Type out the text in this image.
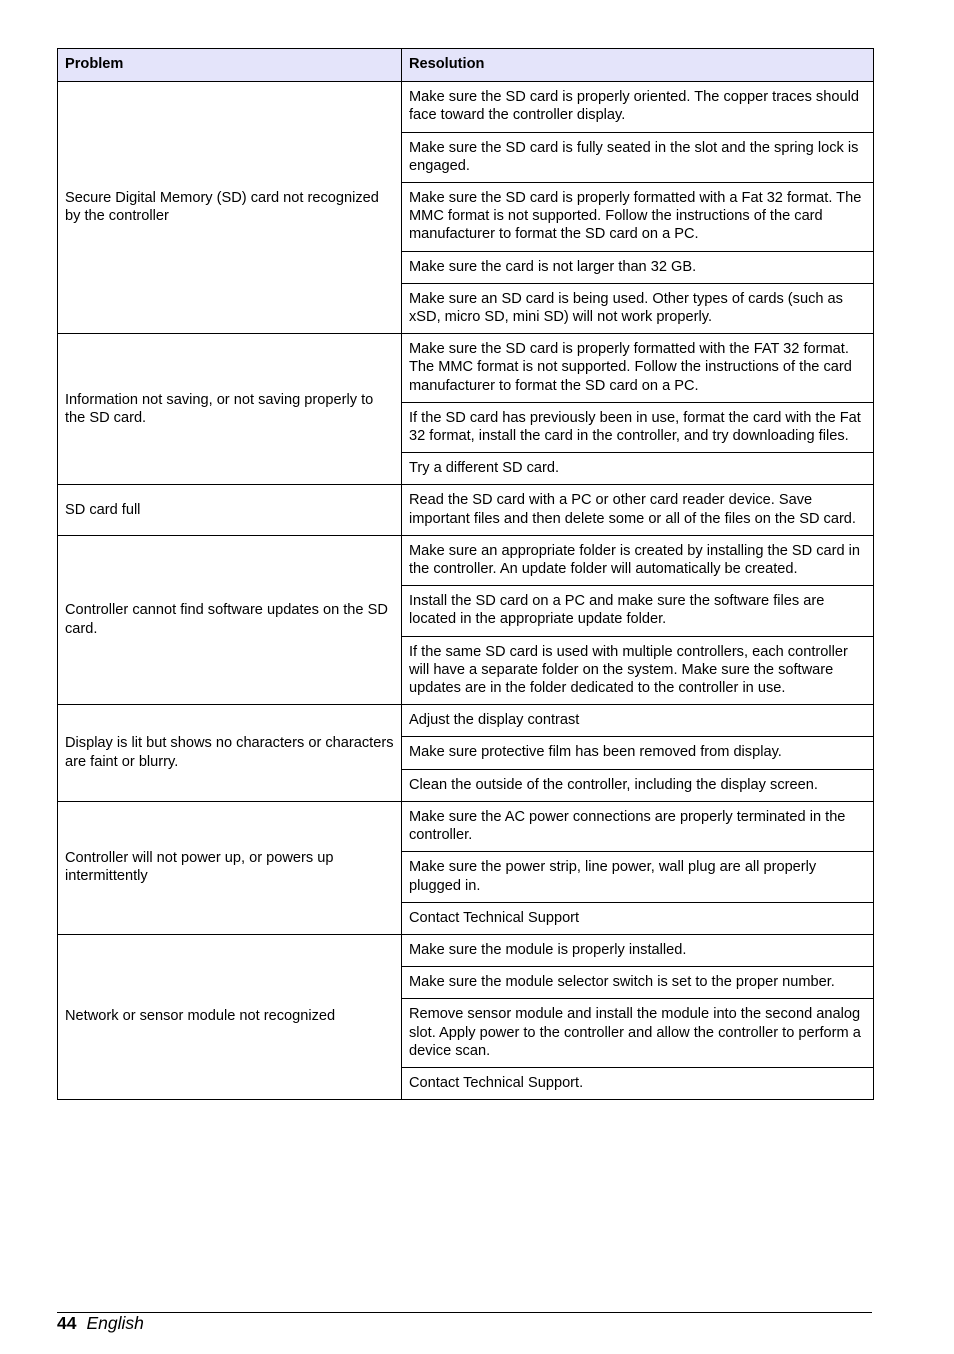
Problem	Resolution
Secure Digital Memory (SD) card not recognized by the controller	Make sure the SD card is properly oriented. The copper traces should face toward the controller display.
	Make sure the SD card is fully seated in the slot and the spring lock is engaged.
	Make sure the SD card is properly formatted with a Fat 32 format. The MMC format is not supported. Follow the instructions of the card manufacturer to format the SD card on a PC.
	Make sure the card is not larger than 32 GB.
	Make sure an SD card is being used. Other types of cards (such as xSD, micro SD, mini SD) will not work properly.
Information not saving, or not saving properly to the SD card.	Make sure the SD card is properly formatted with the FAT 32 format. The MMC format is not supported. Follow the instructions of the card manufacturer to format the SD card on a PC.
	If the SD card has previously been in use, format the card with the Fat 32 format, install the card in the controller, and try downloading files.
	Try a different SD card.
SD card full	Read the SD card with a PC or other card reader device. Save important files and then delete some or all of the files on the SD card.
Controller cannot find software updates on the SD card.	Make sure an appropriate folder is created by installing the SD card in the controller. An update folder will automatically be created.
	Install the SD card on a PC and make sure the software files are located in the appropriate update folder.
	If the same SD card is used with multiple controllers, each controller will have a separate folder on the system. Make sure the software updates are in the folder dedicated to the controller in use.
Display is lit but shows no characters or characters are faint or blurry.	Adjust the display contrast
	Make sure protective film has been removed from display.
	Clean the outside of the controller, including the display screen.
Controller will not power up, or powers up intermittently	Make sure the AC power connections are properly terminated in the controller.
	Make sure the power strip, line power, wall plug are all properly plugged in.
	Contact Technical Support
Network or sensor module not recognized	Make sure the module is properly installed.
	Make sure the module selector switch is set to the proper number.
	Remove sensor module and install the module into the second analog slot. Apply power to the controller and allow the controller to perform a device scan.
	Contact Technical Support.
44 English
